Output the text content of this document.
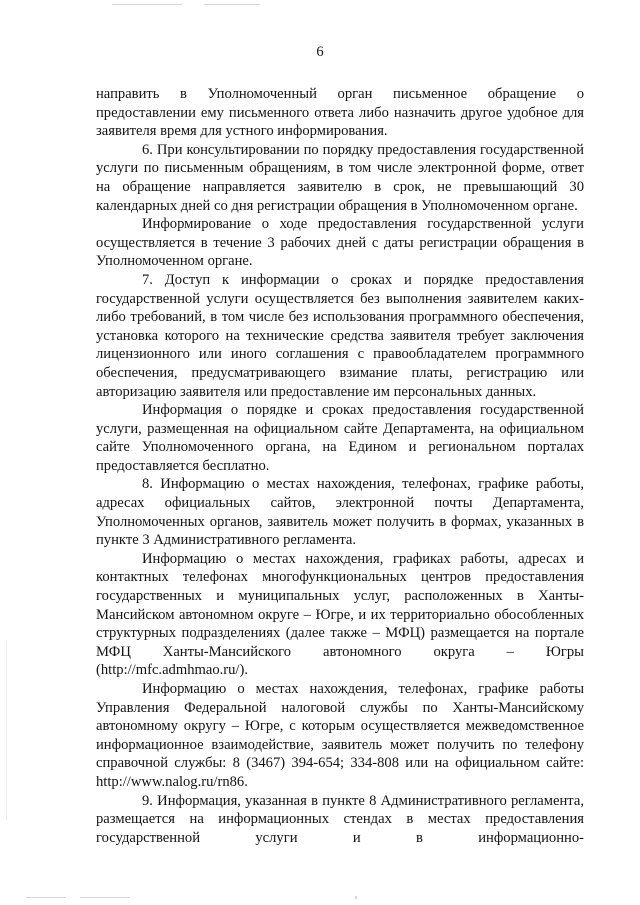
6

направить в Уполномоченный орган письменное обращение о предоставлении ему письменного ответа либо назначить другое удобное для заявителя время для устного информирования.

6. При консультировании по порядку предоставления государственной услуги по письменным обращениям, в том числе электронной форме, ответ на обращение направляется заявителю в срок, не превышающий 30 календарных дней со дня регистрации обращения в Уполномоченном органе.

Информирование о ходе предоставления государственной услуги осуществляется в течение 3 рабочих дней с даты регистрации обращения в Уполномоченном органе.

7. Доступ к информации о сроках и порядке предоставления государственной услуги осуществляется без выполнения заявителем каких-либо требований, в том числе без использования программного обеспечения, установка которого на технические средства заявителя требует заключения лицензионного или иного соглашения с правообладателем программного обеспечения, предусматривающего взимание платы, регистрацию или авторизацию заявителя или предоставление им персональных данных.

Информация о порядке и сроках предоставления государственной услуги, размещенная на официальном сайте Департамента, на официальном сайте Уполномоченного органа, на Едином и региональном порталах предоставляется бесплатно.

8. Информацию о местах нахождения, телефонах, графике работы, адресах официальных сайтов, электронной почты Департамента, Уполномоченных органов, заявитель может получить в формах, указанных в пункте 3 Административного регламента.

Информацию о местах нахождения, графиках работы, адресах и контактных телефонах многофункциональных центров предоставления государственных и муниципальных услуг, расположенных в Ханты-Мансийском автономном округе – Югре, и их территориально обособленных структурных подразделениях (далее также – МФЦ) размещается на портале МФЦ Ханты-Мансийского автономного округа – Югры (http://mfc.admhmao.ru/).

Информацию о местах нахождения, телефонах, графике работы Управления Федеральной налоговой службы по Ханты-Мансийскому автономному округу – Югре, с которым осуществляется межведомственное информационное взаимодействие, заявитель может получить по телефону справочной службы: 8 (3467) 394-654; 334-808 или на официальном сайте: http://www.nalog.ru/rn86.

9. Информация, указанная в пункте 8 Административного регламента, размещается на информационных стендах в местах предоставления государственной услуги и в информационно-
